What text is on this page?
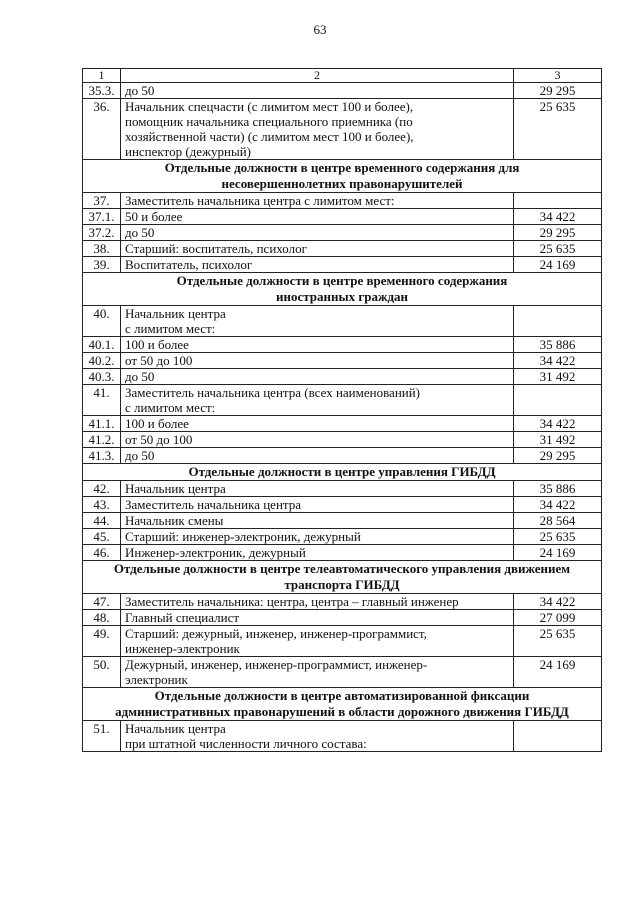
63
1	2	3
35.3.	до 50	29 295
36.	Начальник спецчасти (с лимитом мест 100 и более),
помощник начальника специального приемника (по
хозяйственной части) (с лимитом мест 100 и более),
инспектор (дежурный)	25 635

Отдельные должности в центре временного содержания для
несовершеннолетних правонарушителей		

37.	Заместитель начальника центра с лимитом мест:	
37.1.	50 и более	34 422
37.2.	до 50	29 295
38.	Старший: воспитатель, психолог	25 635
39.	Воспитатель, психолог	24 169

Отдельные должности в центре временного содержания
иностранных граждан		

40.	Начальник центра
с лимитом мест:	

40.1.	100 и более	35 886
40.2.	от 50 до 100	34 422
40.3.	до 50	31 492
41.	Заместитель начальника центра (всех наименований)
с лимитом мест:	

41.1.	100 и более	34 422
41.2.	от 50 до 100	31 492
41.3.	до 50	29 295

Отдельные должности в центре управления ГИБДД		

42.	Начальник центра	35 886
43.	Заместитель начальника центра	34 422
44.	Начальник смены	28 564
45.	Старший: инженер-электроник, дежурный	25 635
46.	Инженер-электроник, дежурный	24 169

Отдельные должности в центре телеавтоматического управления движением
транспорта ГИБДД		

47.	Заместитель начальника: центра, центра – главный инженер	34 422
48.	Главный специалист	27 099
49.	Старший: дежурный, инженер, инженер-программист,
инженер-электроник	25 635
50.	Дежурный, инженер, инженер-программист, инженер-
электроник	24 169

Отдельные должности в центре автоматизированной фиксации
административных правонарушений в области дорожного движения ГИБДД		

51.	Начальник центра
при штатной численности личного состава:	
